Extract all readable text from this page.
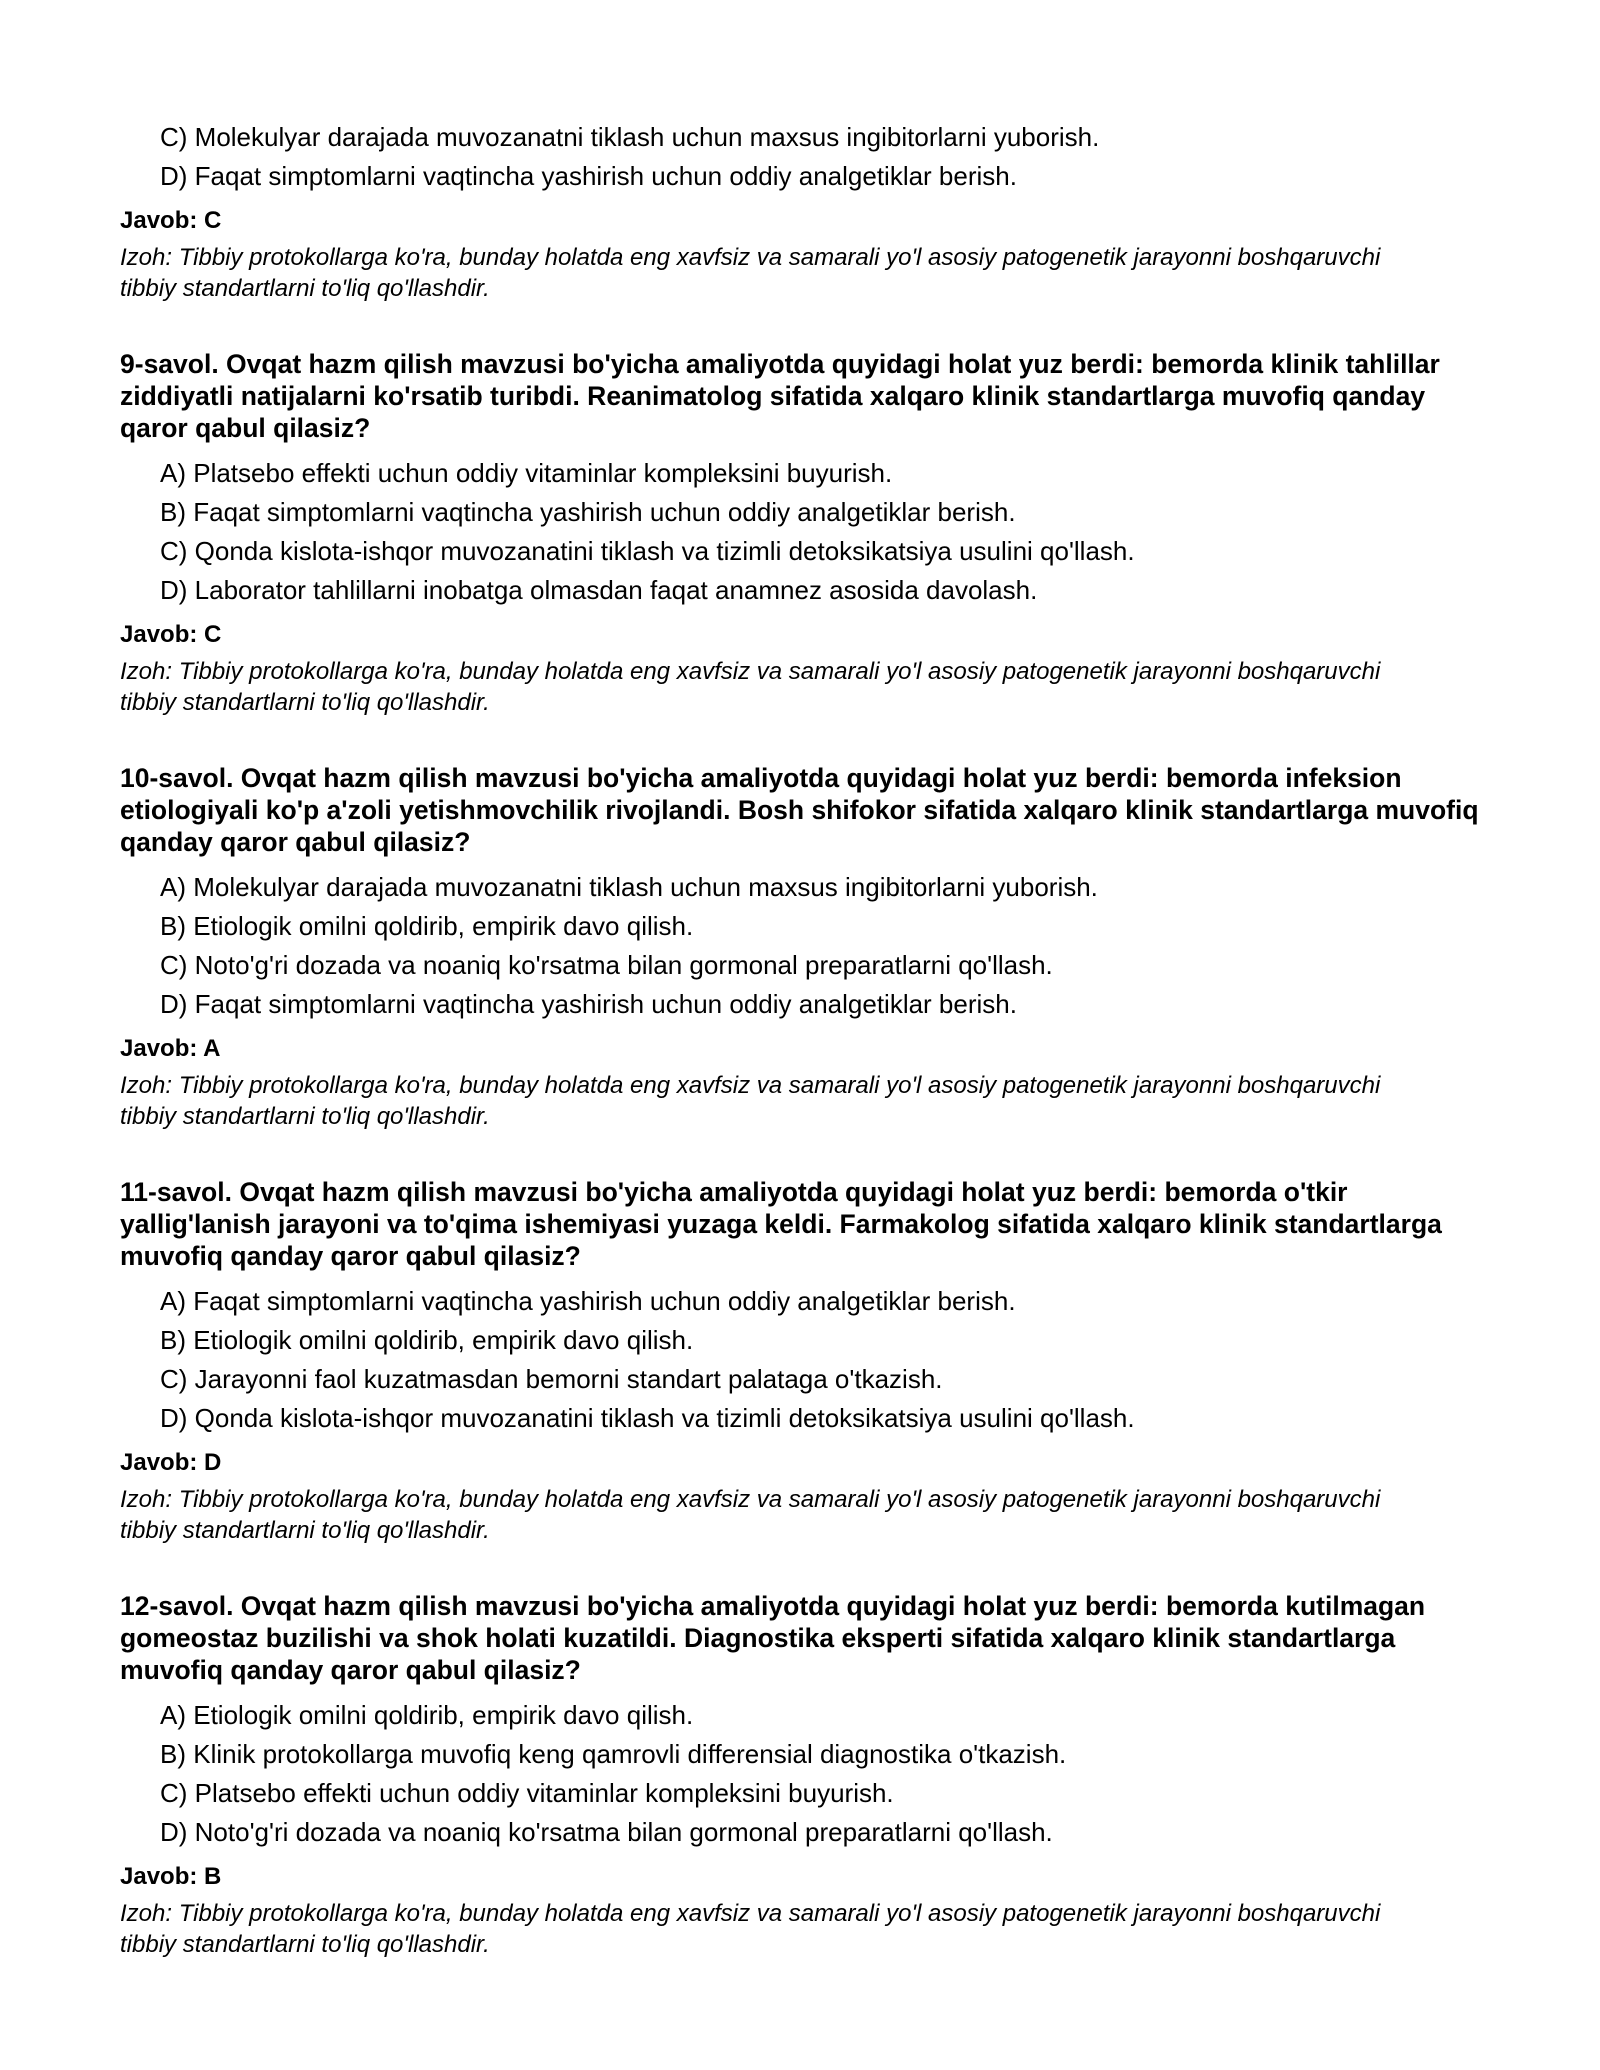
C) Molekulyar darajada muvozanatni tiklash uchun maxsus ingibitorlarni yuborish.
D) Faqat simptomlarni vaqtincha yashirish uchun oddiy analgetiklar berish.
Javob: C
Izoh: Tibbiy protokollarga ko'ra, bunday holatda eng xavfsiz va samarali yo'l asosiy patogenetik jarayonni boshqaruvchi tibbiy standartlarni to'liq qo'llashdir.
9-savol. Ovqat hazm qilish mavzusi bo'yicha amaliyotda quyidagi holat yuz berdi: bemorda klinik tahlillar ziddiyatli natijalarni ko'rsatib turibdi. Reanimatolog sifatida xalqaro klinik standartlarga muvofiq qanday qaror qabul qilasiz?
A) Platsebo effekti uchun oddiy vitaminlar kompleksini buyurish.
B) Faqat simptomlarni vaqtincha yashirish uchun oddiy analgetiklar berish.
C) Qonda kislota-ishqor muvozanatini tiklash va tizimli detoksikatsiya usulini qo'llash.
D) Laborator tahlillarni inobatga olmasdan faqat anamnez asosida davolash.
Javob: C
Izoh: Tibbiy protokollarga ko'ra, bunday holatda eng xavfsiz va samarali yo'l asosiy patogenetik jarayonni boshqaruvchi tibbiy standartlarni to'liq qo'llashdir.
10-savol. Ovqat hazm qilish mavzusi bo'yicha amaliyotda quyidagi holat yuz berdi: bemorda infeksion etiologiyali ko'p a'zoli yetishmovchilik rivojlandi. Bosh shifokor sifatida xalqaro klinik standartlarga muvofiq qanday qaror qabul qilasiz?
A) Molekulyar darajada muvozanatni tiklash uchun maxsus ingibitorlarni yuborish.
B) Etiologik omilni qoldirib, empirik davo qilish.
C) Noto'g'ri dozada va noaniq ko'rsatma bilan gormonal preparatlarni qo'llash.
D) Faqat simptomlarni vaqtincha yashirish uchun oddiy analgetiklar berish.
Javob: A
Izoh: Tibbiy protokollarga ko'ra, bunday holatda eng xavfsiz va samarali yo'l asosiy patogenetik jarayonni boshqaruvchi tibbiy standartlarni to'liq qo'llashdir.
11-savol. Ovqat hazm qilish mavzusi bo'yicha amaliyotda quyidagi holat yuz berdi: bemorda o'tkir yallig'lanish jarayoni va to'qima ishemiyasi yuzaga keldi. Farmakolog sifatida xalqaro klinik standartlarga muvofiq qanday qaror qabul qilasiz?
A) Faqat simptomlarni vaqtincha yashirish uchun oddiy analgetiklar berish.
B) Etiologik omilni qoldirib, empirik davo qilish.
C) Jarayonni faol kuzatmasdan bemorni standart palataga o'tkazish.
D) Qonda kislota-ishqor muvozanatini tiklash va tizimli detoksikatsiya usulini qo'llash.
Javob: D
Izoh: Tibbiy protokollarga ko'ra, bunday holatda eng xavfsiz va samarali yo'l asosiy patogenetik jarayonni boshqaruvchi tibbiy standartlarni to'liq qo'llashdir.
12-savol. Ovqat hazm qilish mavzusi bo'yicha amaliyotda quyidagi holat yuz berdi: bemorda kutilmagan gomeostaz buzilishi va shok holati kuzatildi. Diagnostika eksperti sifatida xalqaro klinik standartlarga muvofiq qanday qaror qabul qilasiz?
A) Etiologik omilni qoldirib, empirik davo qilish.
B) Klinik protokollarga muvofiq keng qamrovli differensial diagnostika o'tkazish.
C) Platsebo effekti uchun oddiy vitaminlar kompleksini buyurish.
D) Noto'g'ri dozada va noaniq ko'rsatma bilan gormonal preparatlarni qo'llash.
Javob: B
Izoh: Tibbiy protokollarga ko'ra, bunday holatda eng xavfsiz va samarali yo'l asosiy patogenetik jarayonni boshqaruvchi tibbiy standartlarni to'liq qo'llashdir.
